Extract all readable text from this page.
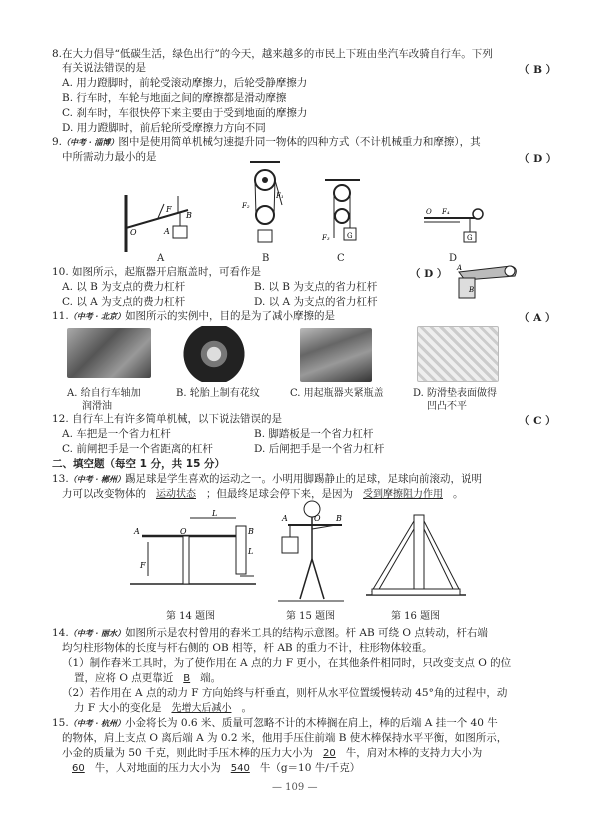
8.在大力倡导“低碳生活，绿色出行”的今天，越来越多的市民上下班由坐汽车改骑自行车。下列
有关说法错误的是	（ B ）
A. 用力蹬脚时，前轮受滚动摩擦力，后轮受静摩擦力
B. 行车时，车轮与地面之间的摩擦都是滑动摩擦
C. 刹车时，车很快停下来主要由于受到地面的摩擦力
D. 用力蹬脚时，前后轮所受摩擦力方向不同
9.（中考 · 淄博）图中是使用简单机械匀速提升同一物体的四种方式（不计机械重力和摩擦），其
中所需动力最小的是	（ D ）
O
F
A
B
A
F₁
F₂
B
F₃ G
C
O F₄
G
D
10. 如图所示，起瓶器开启瓶盖时，可看作是	（ D ）
A. 以 B 为支点的费力杠杆	B. 以 B 为支点的省力杠杆
C. 以 A 为支点的费力杠杆	D. 以 A 为支点的省力杠杆
A
B
11.（中考 · 北京）如图所示的实例中，目的是为了减小摩擦的是	（ A ）
A. 给自行车轴加
润滑油
B. 轮胎上制有花纹	C. 用起瓶器夹紧瓶盖	D. 防滑垫表面做得
凹凸不平
12. 自行车上有许多简单机械，以下说法错误的是	（ C ）
A. 车把是一个省力杠杆	B. 脚踏板是一个省力杠杆
C. 前闸把手是一个省距离的杠杆	D. 后闸把手是一个省力杠杆
二、填空题（每空 1 分，共 15 分）
13.（中考 · 郴州）踢足球是学生喜欢的运动之一。小明用脚踢静止的足球，足球向前滚动，说明
力可以改变物体的 运动状态 ；但最终足球会停下来，是因为 受到摩擦阻力作用 。
A	O	B
L
L
F
第 14 题图
A	O B
第 15 题图	第 16 题图
14.（中考 · 丽水）如图所示是农村曾用的舂米工具的结构示意图。杆 AB 可绕 O 点转动，杆右端
均匀柱形物体的长度与杆右侧的 OB 相等，杆 AB 的重力不计，柱形物体较重。
（1）制作舂米工具时，为了使作用在 A 点的力 F 更小，在其他条件相同时，只改变支点 O 的位
置，应将 O 点更靠近 B 端。
（2）若作用在 A 点的动力 F 方向始终与杆垂直，则杆从水平位置缓慢转动 45°角的过程中，动
力 F 大小的变化是 先增大后减小 。
15.（中考 · 杭州）小金将长为 0.6 米、质量可忽略不计的木棒搁在肩上，棒的后端 A 挂一个 40 牛
的物体，肩上支点 O 离后端 A 为 0.2 米，他用手压住前端 B 使木棒保持水平平衡，如图所示，
小金的质量为 50 千克，则此时手压木棒的压力大小为 20 牛，肩对木棒的支持力大小为
60 牛，人对地面的压力大小为 540 牛（g＝10 牛/千克）
— 109 —
